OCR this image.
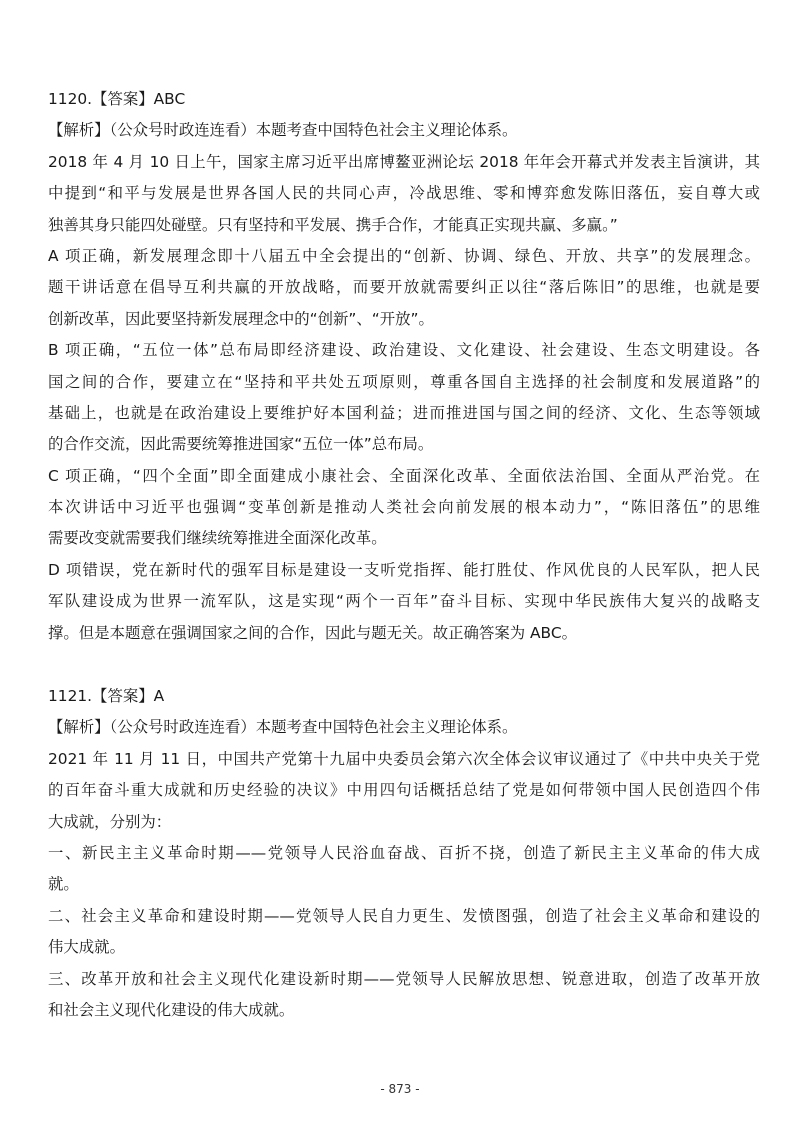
1120.【答案】ABC
【解析】（公众号时政连连看）本题考查中国特色社会主义理论体系。
2018 年 4 月 10 日上午，国家主席习近平出席博鳌亚洲论坛 2018 年年会开幕式并发表主旨演讲，其
中提到“和平与发展是世界各国人民的共同心声，冷战思维、零和博弈愈发陈旧落伍，妄自尊大或
独善其身只能四处碰壁。只有坚持和平发展、携手合作，才能真正实现共赢、多赢。”
A 项正确，新发展理念即十八届五中全会提出的“创新、协调、绿色、开放、共享”的发展理念。
题干讲话意在倡导互利共赢的开放战略，而要开放就需要纠正以往“落后陈旧”的思维，也就是要
创新改革，因此要坚持新发展理念中的“创新”、“开放”。
B 项正确，“五位一体”总布局即经济建设、政治建设、文化建设、社会建设、生态文明建设。各
国之间的合作，要建立在“坚持和平共处五项原则，尊重各国自主选择的社会制度和发展道路”的
基础上，也就是在政治建设上要维护好本国利益；进而推进国与国之间的经济、文化、生态等领域
的合作交流，因此需要统筹推进国家“五位一体”总布局。
C 项正确，“四个全面”即全面建成小康社会、全面深化改革、全面依法治国、全面从严治党。在
本次讲话中习近平也强调“变革创新是推动人类社会向前发展的根本动力”，“陈旧落伍”的思维
需要改变就需要我们继续统筹推进全面深化改革。
D 项错误，党在新时代的强军目标是建设一支听党指挥、能打胜仗、作风优良的人民军队，把人民
军队建设成为世界一流军队，这是实现“两个一百年”奋斗目标、实现中华民族伟大复兴的战略支
撑。但是本题意在强调国家之间的合作，因此与题无关。故正确答案为 ABC。
1121.【答案】A
【解析】（公众号时政连连看）本题考查中国特色社会主义理论体系。
2021 年 11 月 11 日，中国共产党第十九届中央委员会第六次全体会议审议通过了《中共中央关于党
的百年奋斗重大成就和历史经验的决议》中用四句话概括总结了党是如何带领中国人民创造四个伟
大成就，分别为：
一、新民主主义革命时期——党领导人民浴血奋战、百折不挠，创造了新民主主义革命的伟大成
就。
二、社会主义革命和建设时期——党领导人民自力更生、发愤图强，创造了社会主义革命和建设的
伟大成就。
三、改革开放和社会主义现代化建设新时期——党领导人民解放思想、锐意进取，创造了改革开放
和社会主义现代化建设的伟大成就。
- 873 -
